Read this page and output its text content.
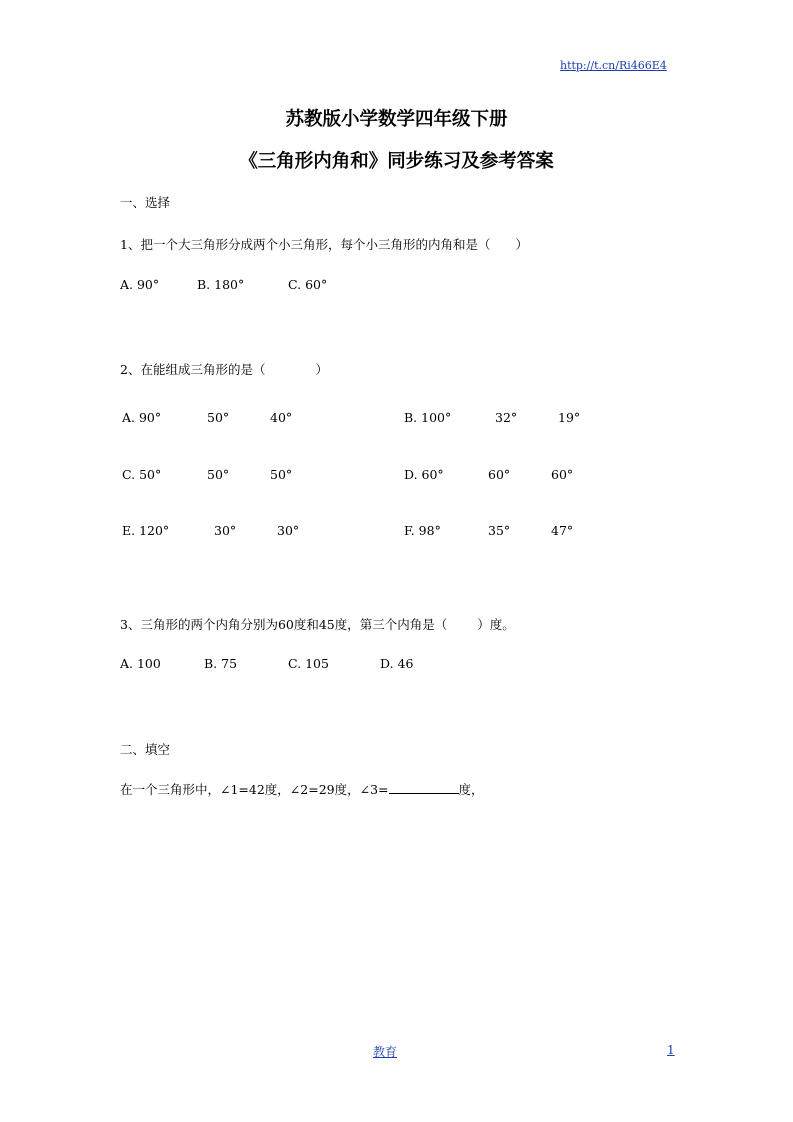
http://t.cn/Ri466E4
苏教版小学数学四年级下册
《三角形内角和》同步练习及参考答案
一、选择
1、把一个大三角形分成两个小三角形，每个小三角形的内角和是（　　）
A. 90°	B. 180°	C. 60°
2、在能组成三角形的是（　　　　）
A. 90°	50°	40°	B. 100°	32°	19°
C. 50°	50°	50°	D. 60°	60°	60°
E. 120°	30°	30°	F. 98°	35°	47°
3、三角形的两个内角分别为60度和45度，第三个内角是（ ）度。
A. 100	B. 75	C. 105	D. 46
二、填空
在一个三角形中，∠1=42度，∠2=29度，∠3=	度，
教育	1
